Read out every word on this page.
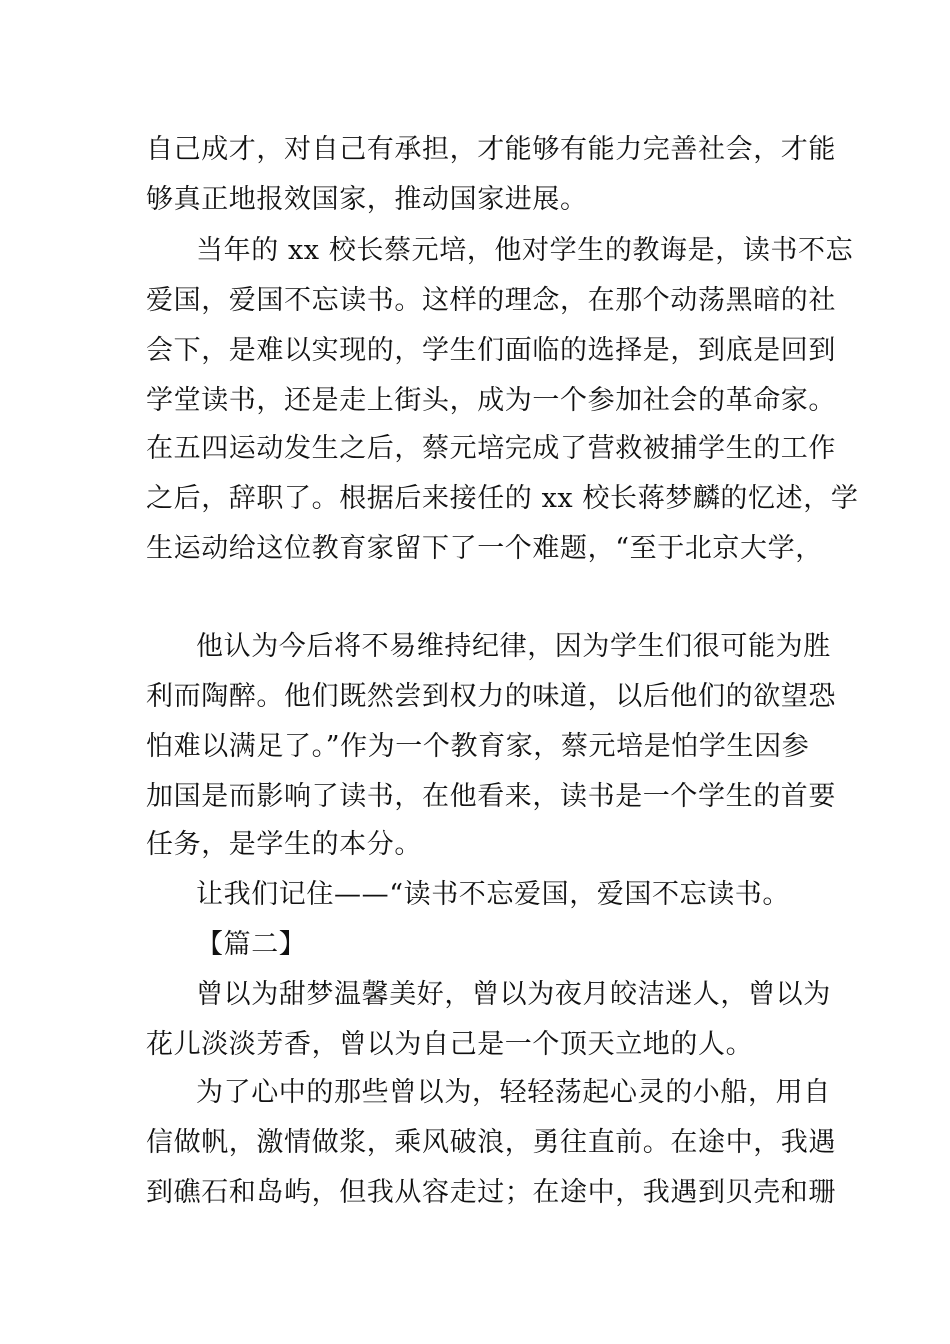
自己成才，对自己有承担，才能够有能力完善社会，才能
够真正地报效国家，推动国家进展。
当年的 xx 校长蔡元培，他对学生的教诲是，读书不忘
爱国，爱国不忘读书。这样的理念，在那个动荡黑暗的社
会下，是难以实现的，学生们面临的选择是，到底是回到
学堂读书，还是走上街头，成为一个参加社会的革命家。
在五四运动发生之后，蔡元培完成了营救被捕学生的工作
之后，辞职了。根据后来接任的 xx 校长蒋梦麟的忆述，学
生运动给这位教育家留下了一个难题，“至于北京大学，
他认为今后将不易维持纪律，因为学生们很可能为胜
利而陶醉。他们既然尝到权力的味道，以后他们的欲望恐
怕难以满足了。”作为一个教育家，蔡元培是怕学生因参
加国是而影响了读书，在他看来，读书是一个学生的首要
任务，是学生的本分。
让我们记住——“读书不忘爱国，爱国不忘读书。
【篇二】
曾以为甜梦温馨美好，曾以为夜月皎洁迷人，曾以为
花儿淡淡芳香，曾以为自己是一个顶天立地的人。
为了心中的那些曾以为，轻轻荡起心灵的小船，用自
信做帆，激情做浆，乘风破浪，勇往直前。在途中，我遇
到礁石和岛屿，但我从容走过；在途中，我遇到贝壳和珊
